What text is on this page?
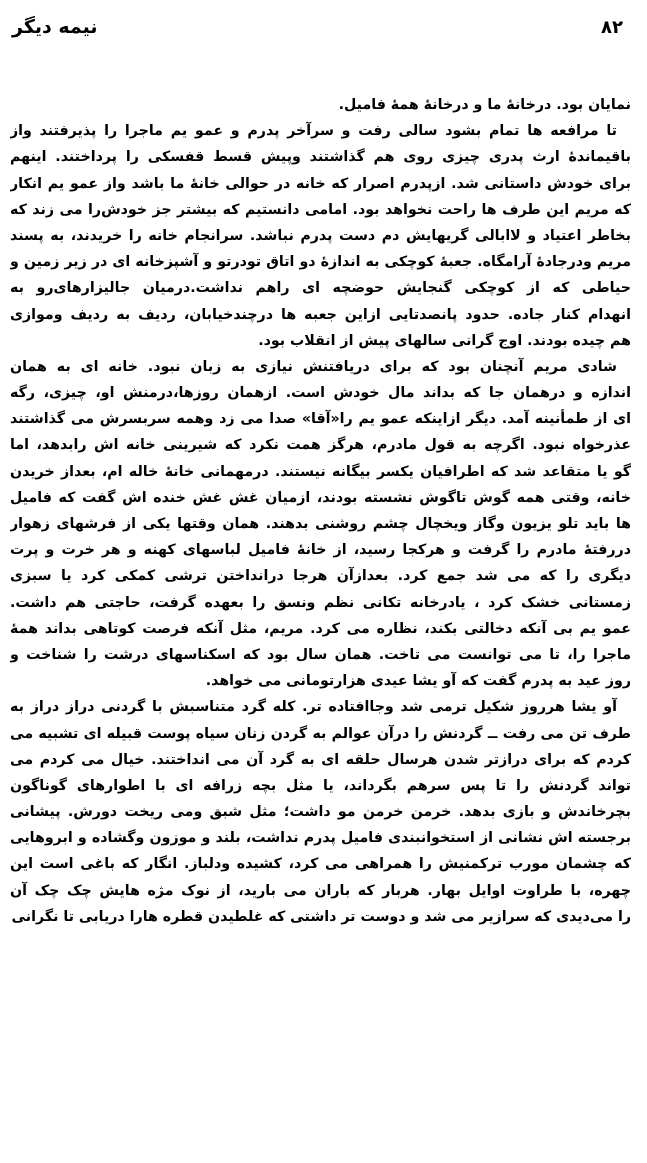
نیمه دیگر	۸۲
نمایان بود. درخانهٔ ما و درخانهٔ همهٔ فامیل.
تا مرافعه ها تمام بشود سالی رفت و سرآخر پدرم و عمو یم ماجرا را پذیرفتند واز
باقیماندهٔ ارث پدری چیزی روی هم گذاشتند وپیش قسط قفسکی را پرداختند. اینهم
برای خودش داستانی شد. ازپدرم اصرار که خانه در حوالی خانهٔ ما باشد واز عمو یم انکار
که مریم این طرف ها راحت نخواهد بود. امامی دانستیم که بیشتر جز خودش‌را می زند که
بخاطر اعتیاد و لاابالی گریهایش دم دست پدرم نباشد. سرانجام خانه را خریدند، به پسند
مریم ودرجادهٔ آرامگاه. جعبهٔ کوچکی به اندازهٔ دو اتاق تودرتو و آشپزخانه ای در زیر زمین و
حیاطی که از کوچکی گنجایش حوضچه ای راهم نداشت.درمیان جالیزارهای‌رو به
انهدام کنار جاده. حدود پانصدتایی ازاین جعبه ها درچندخیابان، ردیف به ردیف وموازی
هم چیده بودند. اوج گرانی سالهای پیش از انقلاب بود.
شادی مریم آنچنان بود که برای دریافتنش نیازی به زبان نبود. خانه ای به همان
اندازه و درهمان جا که بداند مال خودش است. ازهمان روزها،درمنش او، چیزی، رگه
ای از طمأنینه آمد. دیگر ازاینکه عمو یم را«آقا» صدا می زد وهمه سربسرش می گذاشتند
عذرخواه نبود. اگرچه به قول مادرم، هرگز همت نکرد که شیرینی خانه اش رابدهد، اما
گو یا متقاعد شد که اطرافیان یکسر بیگانه نیستند. درمهمانی خانهٔ خاله ام، بعداز خریدن
خانه، وقتی همه گوش تاگوش نشسته بودند، ازمیان غش غش خنده اش گفت که فامیل
ها باید تلو یزیون وگاز ویخچال چشم روشنی بدهند. همان وقتها یکی از فرشهای زهوار
دررفتهٔ مادرم را گرفت و هرکجا رسید، از خانهٔ فامیل لباسهای کهنه و هر خرت و پرت
دیگری را که می شد جمع کرد. بعدازآن هرجا درانداختن ترشی کمکی کرد یا سبزی
زمستانی خشک کرد ، یادرخانه تکانی نظم ونسق را بعهده گرفت، حاجتی هم داشت.
عمو یم بی آنکه دخالتی بکند، نظاره می کرد. مریم، مثل آنکه فرصت کوتاهی بداند همهٔ
ماجرا را، تا می توانست می تاخت. همان سال بود که اسکناسهای درشت را شناخت و
روز عید به پدرم گفت که آو یشا عیدی هزارتومانی می خواهد.
آو یشا هرروز شکیل ترمی شد وجاافتاده تر. کله گرد متناسبش با گردنی دراز دراز به
طرف تن می رفت ــ گردنش را درآن عوالم به گردن زنان سیاه پوست قبیله ای تشبیه می
کردم که برای درازتر شدن هرسال حلقه ای به گرد آن می انداختند. خیال می کردم می
تواند گردنش را تا پس سرهم بگرداند، یا مثل بچه زرافه ای با اطوارهای گوناگون
بچرخاندش و بازی بدهد. خرمن خرمن مو داشت؛ مثل شبق ومی ریخت دورش. پیشانی
برجسته اش نشانی از استخوانبندی فامیل پدرم نداشت، بلند و موزون وگشاده و ابروهایی
که چشمان مورب ترکمنیش را همراهی می کرد، کشیده ودلباز. انگار که باغی است این
چهره، با طراوت اوایل بهار. هربار که باران می بارید، از نوک مژه هایش چک چک آن
را می‌دیدی که سرازیر می شد و دوست تر داشتی که غلطیدن قطره هارا دریابی تا نگرانی
